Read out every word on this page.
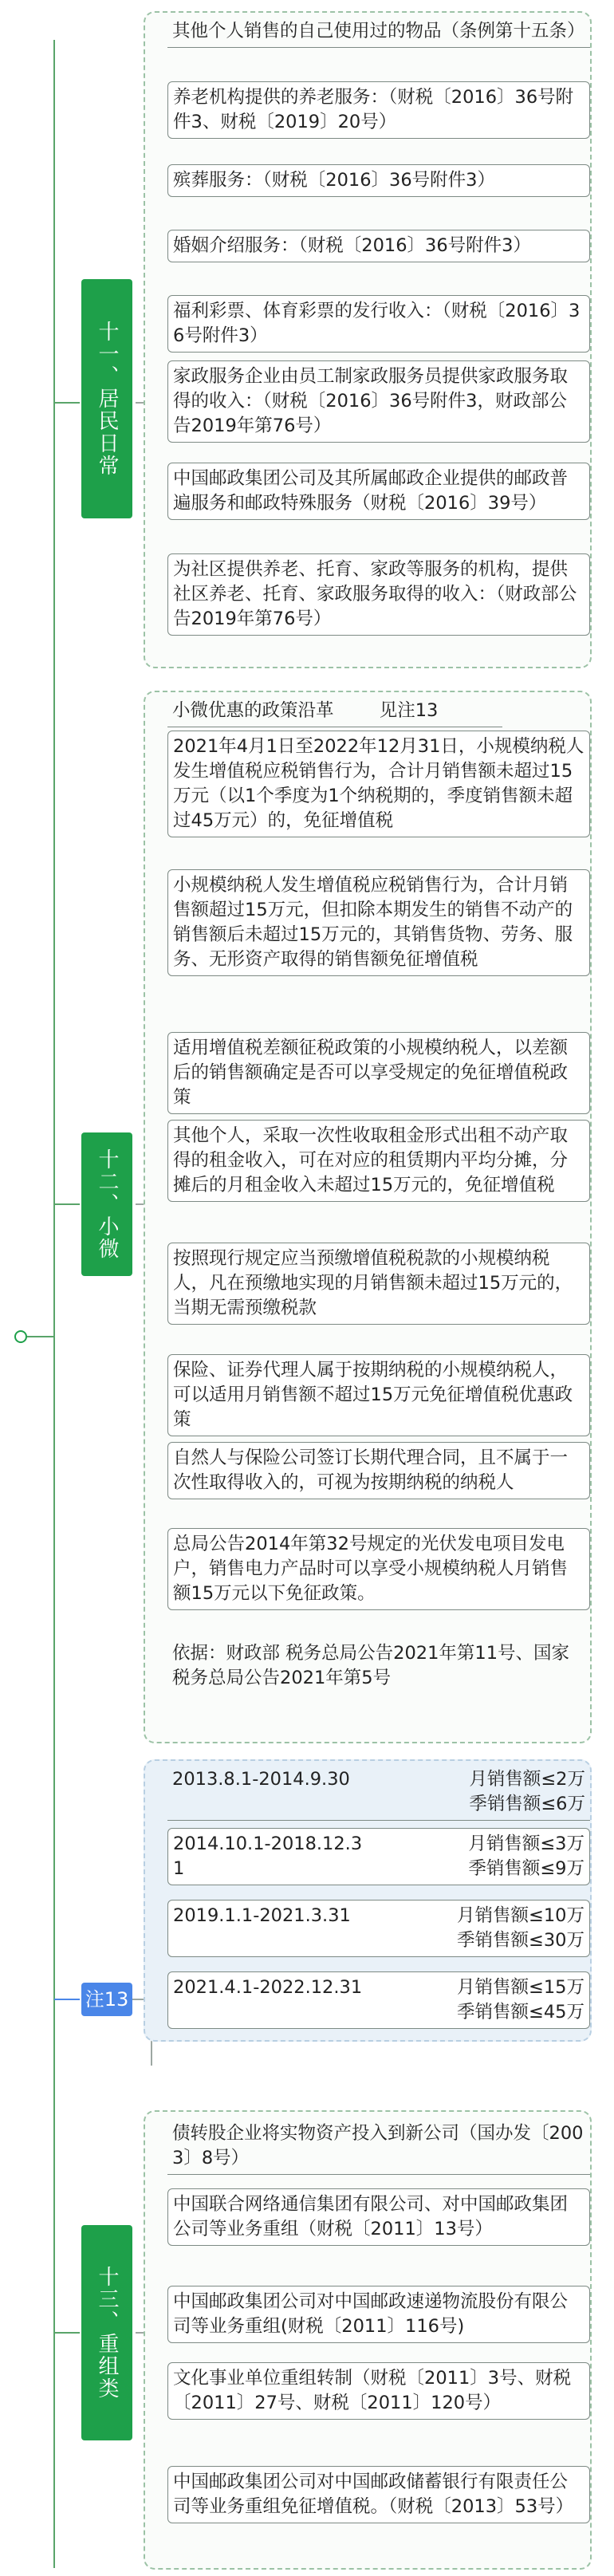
十一、居民日常
其他个人销售的自己使用过的物品（条例第十五条）
养老机构提供的养老服务：（财税〔2016〕36号附件3、财税〔2019〕20号）
殡葬服务：（财税〔2016〕36号附件3）
婚姻介绍服务：（财税〔2016〕36号附件3）
福利彩票、体育彩票的发行收入：（财税〔2016〕36号附件3）
家政服务企业由员工制家政服务员提供家政服务取得的收入：（财税〔2016〕36号附件3，财政部公告2019年第76号）
中国邮政集团公司及其所属邮政企业提供的邮政普遍服务和邮政特殊服务（财税〔2016〕39号）
为社区提供养老、托育、家政等服务的机构，提供社区养老、托育、家政服务取得的收入：（财政部公告2019年第76号）
十二、小微
小微优惠的政策沿革        见注13
2021年4月1日至2022年12月31日，小规模纳税人发生增值税应税销售行为，合计月销售额未超过15万元（以1个季度为1个纳税期的，季度销售额未超过45万元）的，免征增值税
小规模纳税人发生增值税应税销售行为，合计月销售额超过15万元，但扣除本期发生的销售不动产的销售额后未超过15万元的，其销售货物、劳务、服务、无形资产取得的销售额免征增值税
适用增值税差额征税政策的小规模纳税人，以差额后的销售额确定是否可以享受规定的免征增值税政策
其他个人，采取一次性收取租金形式出租不动产取得的租金收入，可在对应的租赁期内平均分摊，分摊后的月租金收入未超过15万元的，免征增值税
按照现行规定应当预缴增值税税款的小规模纳税人，凡在预缴地实现的月销售额未超过15万元的，当期无需预缴税款
保险、证券代理人属于按期纳税的小规模纳税人，可以适用月销售额不超过15万元免征增值税优惠政策
自然人与保险公司签订长期代理合同，且不属于一次性取得收入的，可视为按期纳税的纳税人
总局公告2014年第32号规定的光伏发电项目发电户，销售电力产品时可以享受小规模纳税人月销售额15万元以下免征政策。
依据：财政部 税务总局公告2021年第11号、国家税务总局公告2021年第5号
注13
2013.8.1-2014.9.30	月销售额≤2万
季销售额≤6万
2014.10.1-2018.12.31
月销售额≤3万
季销售额≤9万
2019.1.1-2021.3.31	月销售额≤10万
季销售额≤30万
2021.4.1-2022.12.31	月销售额≤15万
季销售额≤45万
十三、重组类
债转股企业将实物资产投入到新公司（国办发〔2003〕8号）
中国联合网络通信集团有限公司、对中国邮政集团公司等业务重组（财税〔2011〕13号）
中国邮政集团公司对中国邮政速递物流股份有限公司等业务重组(财税〔2011〕116号)
文化事业单位重组转制（财税〔2011〕3号、财税〔2011〕27号、财税〔2011〕120号）
中国邮政集团公司对中国邮政储蓄银行有限责任公司等业务重组免征增值税。（财税〔2013〕53号）
